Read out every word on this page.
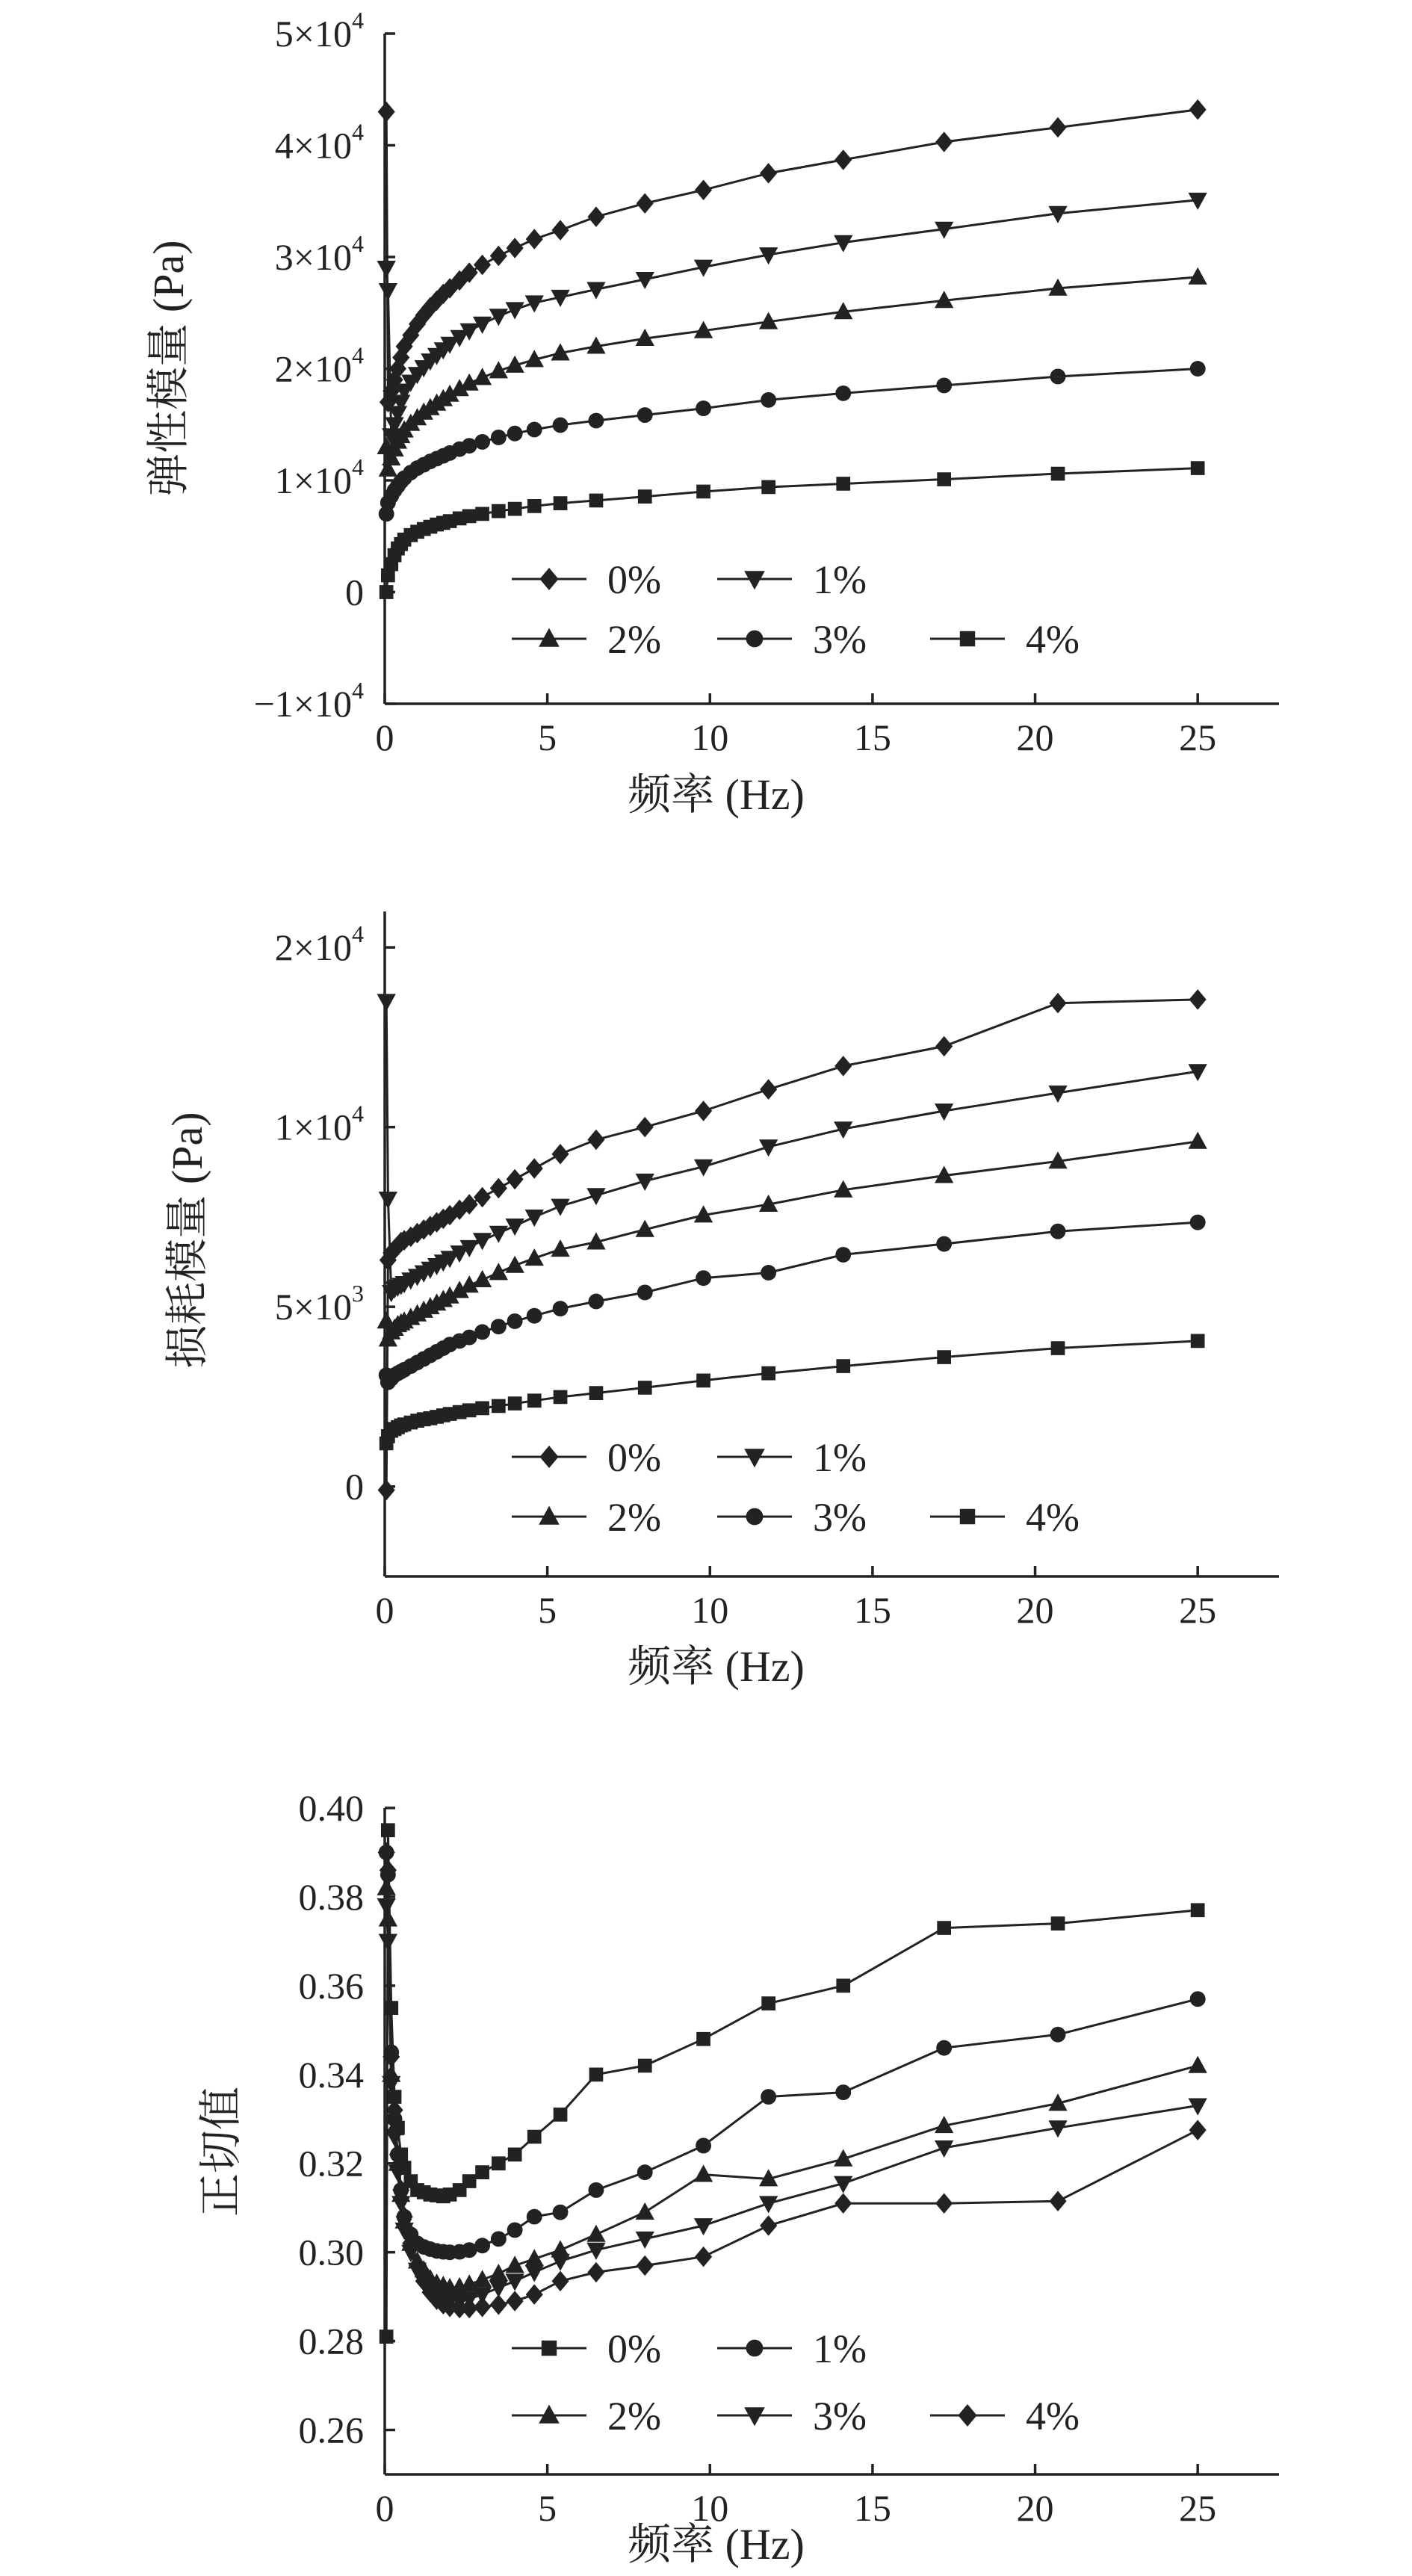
0	5	10	15	20	25
$-1\times 10^4$
0
$1\times 10^4$
$2\times 10^4$
$3\times 10^4$
$4\times 10^4$
$5\times 10^4$
频率 (Hz)
弹性模量 (Pa)
0%	1%
2%	3%	4%
0	5	10	15	20	25
0
$5\times 10^3$
$1\times 10^4$
$2\times 10^4$
频率 (Hz)
损耗模量 (Pa)
0%	1%
2%	3%	4%
0	5	10	15	20	25
0.26
0.28
0.30
0.32
0.34
0.36
0.38
0.40
频率 (Hz)
正切值
0%	1%
2%	3%	4%
